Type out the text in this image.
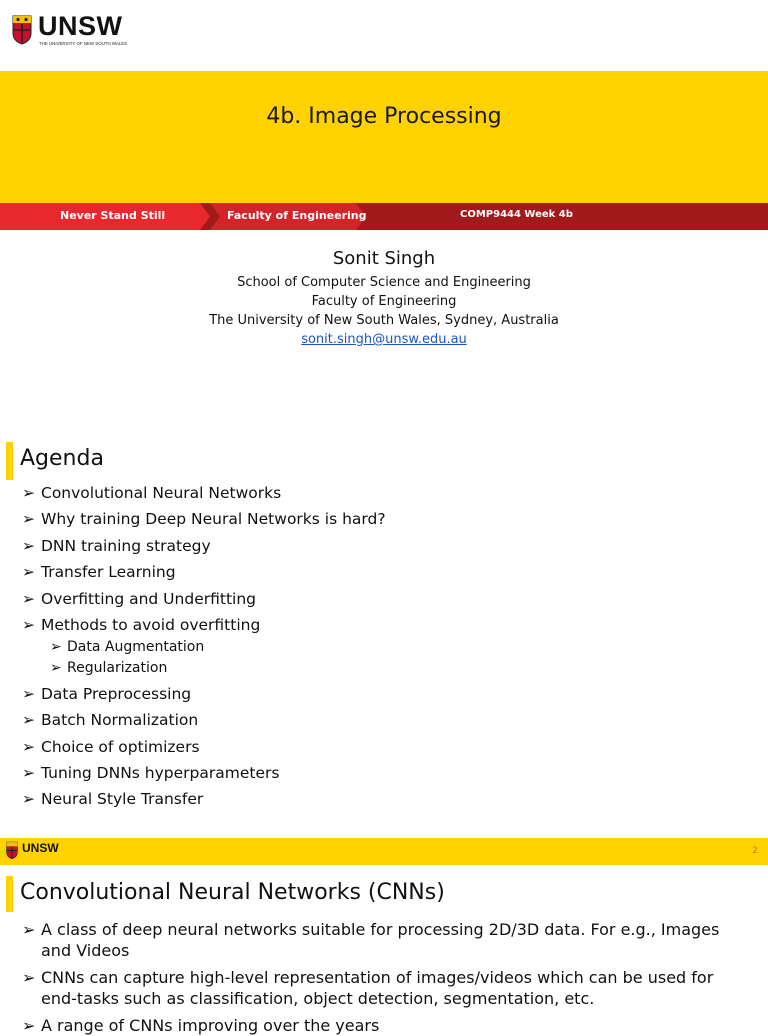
UNSW
THE UNIVERSITY OF NEW SOUTH WALES
4b. Image Processing
Never Stand Still	Faculty of Engineering	COMP9444 Week 4b
Sonit Singh
School of Computer Science and Engineering
Faculty of Engineering
The University of New South Wales, Sydney, Australia
sonit.singh@unsw.edu.au
Agenda
➢ Convolutional Neural Networks
➢ Why training Deep Neural Networks is hard?
➢ DNN training strategy
➢ Transfer Learning
➢ Overfitting and Underfitting
➢ Methods to avoid overfitting
➢ Data Augmentation
➢ Regularization
➢ Data Preprocessing
➢ Batch Normalization
➢ Choice of optimizers
➢ Tuning DNNs hyperparameters
➢ Neural Style Transfer
UNSW	2
Convolutional Neural Networks (CNNs)
➢ A class of deep neural networks suitable for processing 2D/3D data. For e.g., Images and Videos
➢ CNNs can capture high-level representation of images/videos which can be used for end-tasks such as classification, object detection, segmentation, etc.
➢ A range of CNNs improving over the years
